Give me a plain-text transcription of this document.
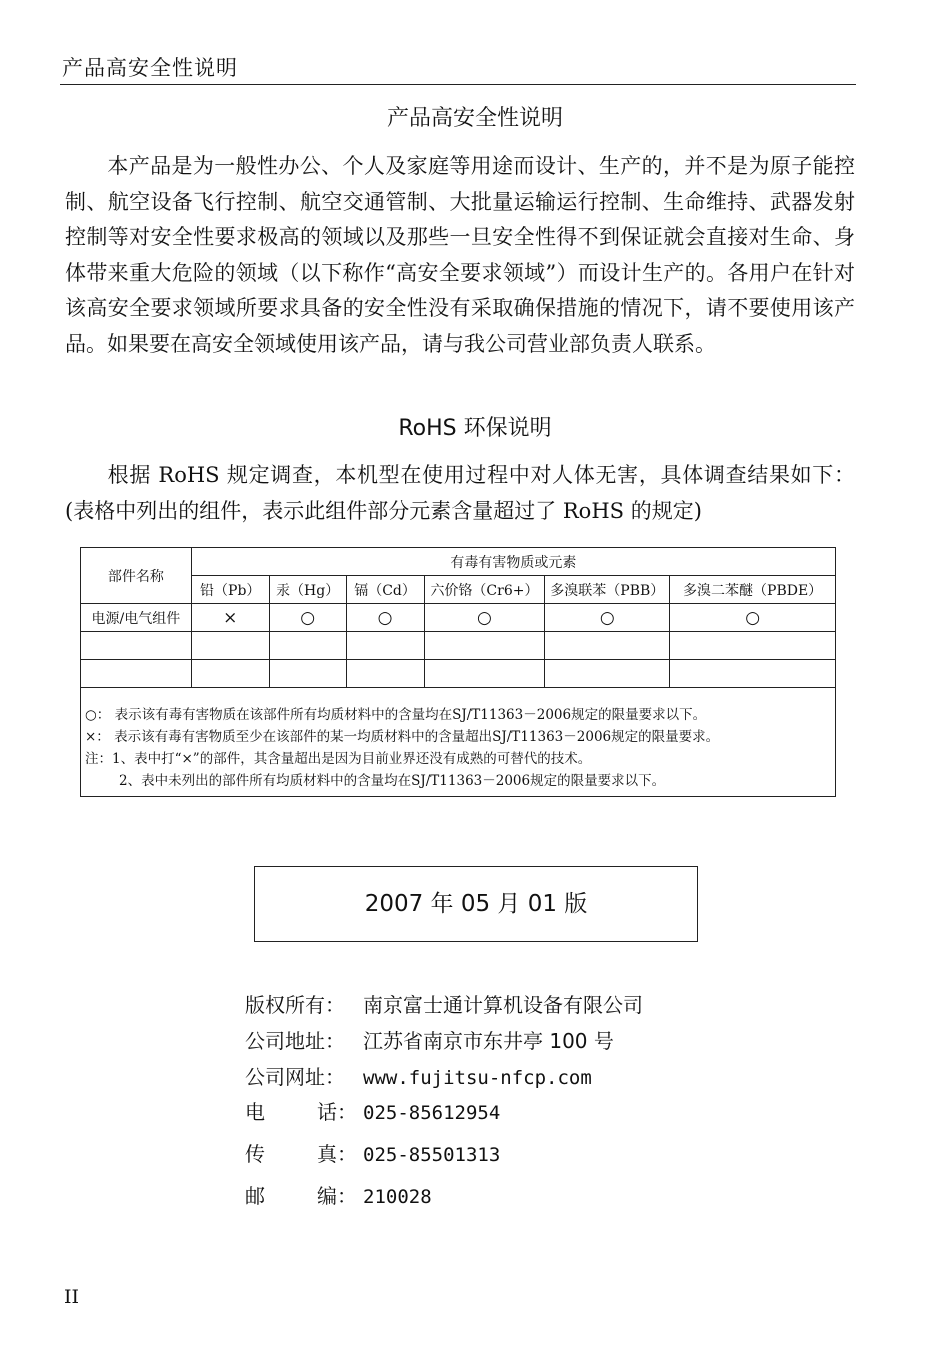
产品高安全性说明
产品高安全性说明
本产品是为一般性办公、个人及家庭等用途而设计、生产的，并不是为原子能控制、航空设备飞行控制、航空交通管制、大批量运输运行控制、生命维持、武器发射控制等对安全性要求极高的领域以及那些一旦安全性得不到保证就会直接对生命、身体带来重大危险的领域（以下称作“高安全要求领域”）而设计生产的。各用户在针对该高安全要求领域所要求具备的安全性没有采取确保措施的情况下，请不要使用该产品。如果要在高安全领域使用该产品，请与我公司营业部负责人联系。
RoHS 环保说明
根据 RoHS 规定调查，本机型在使用过程中对人体无害，具体调查结果如下：(表格中列出的组件，表示此组件部分元素含量超过了 RoHS 的规定)
部件名称	有毒有害物质或元素					
	铅（Pb）	汞（Hg）	镉（Cd）	六价铬（Cr6+）	多溴联苯（PBB）	多溴二苯醚（PBDE）
电源/电气组件	×	○	○	○	○	○

○： 表示该有毒有害物质在该部件所有均质材料中的含量均在SJ/T11363－2006规定的限量要求以下。
×： 表示该有毒有害物质至少在该部件的某一均质材料中的含量超出SJ/T11363－2006规定的限量要求。
注：1、表中打“×”的部件，其含量超出是因为目前业界还没有成熟的可替代的技术。
2、表中未列出的部件所有均质材料中的含量均在SJ/T11363－2006规定的限量要求以下。						
2007 年 05 月 01 版
版权所有： 南京富士通计算机设备有限公司
公司地址： 江苏省南京市东井亭 100 号
公司网址： www.fujitsu-nfcp.com
电	话： 025-85612954
传	真： 025-85501313
邮	编： 210028
II
